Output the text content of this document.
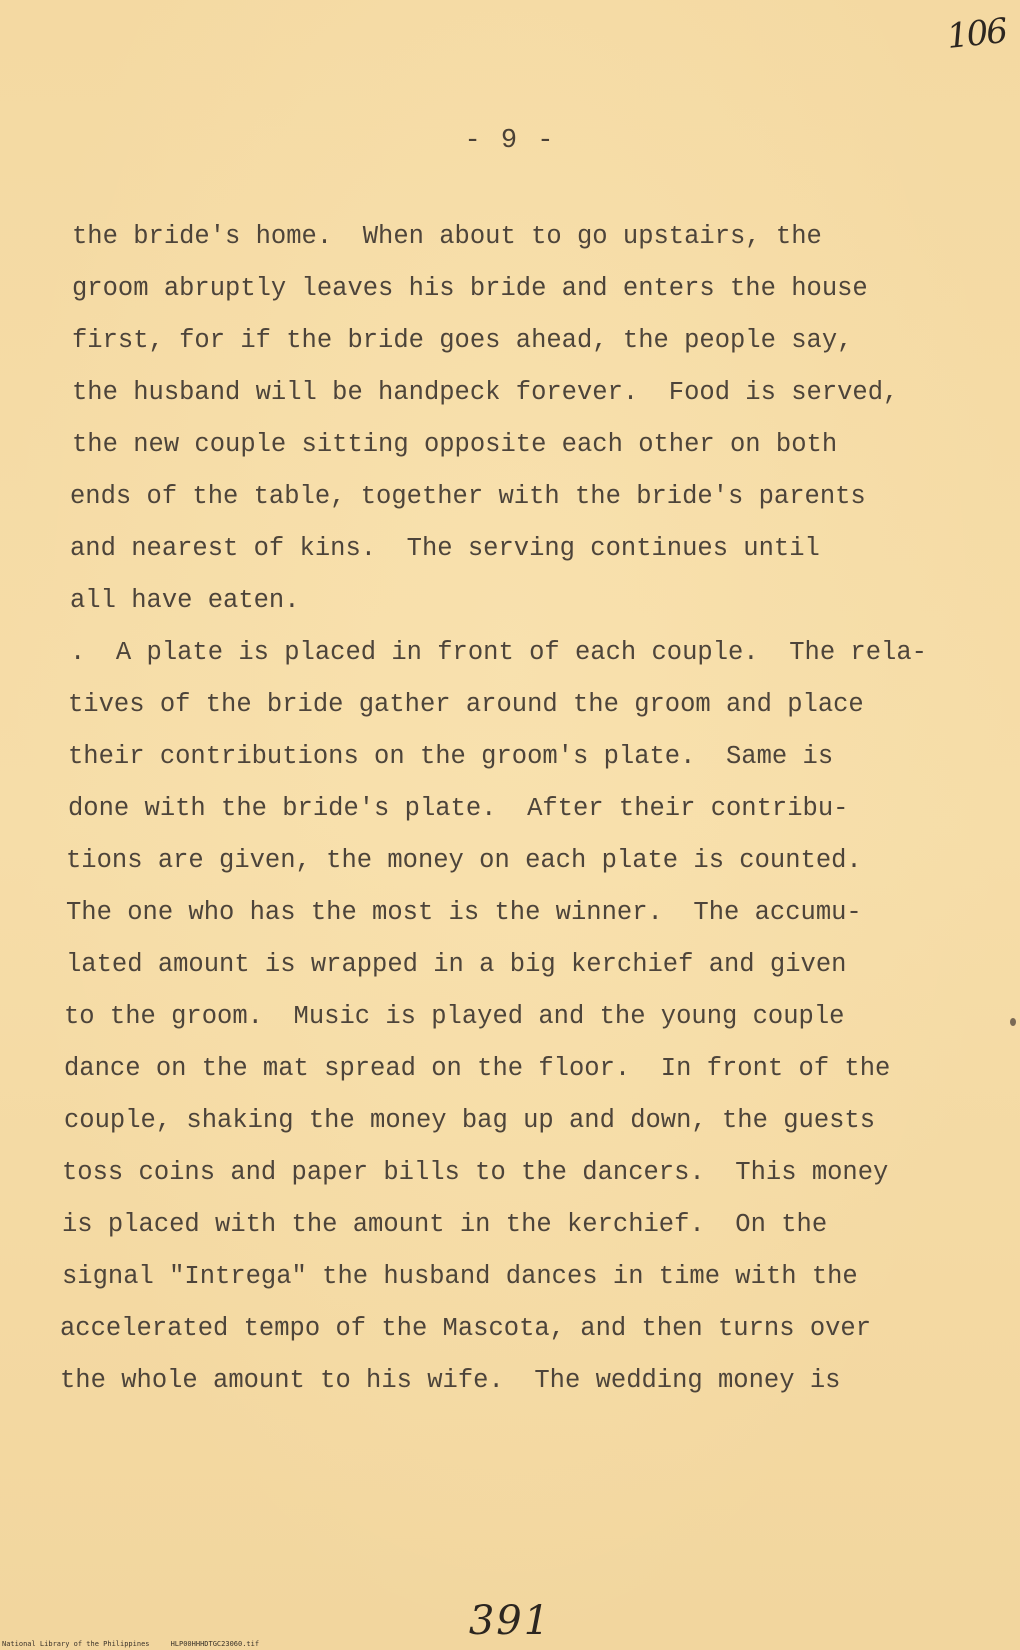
106
- 9 -
the bride's home.  When about to go upstairs, the
groom abruptly leaves his bride and enters the house
first, for if the bride goes ahead, the people say,
the husband will be handpeck forever.  Food is served,
the new couple sitting opposite each other on both
ends of the table, together with the bride's parents
and nearest of kins.  The serving continues until
all have eaten.
.  A plate is placed in front of each couple.  The rela-
tives of the bride gather around the groom and place
their contributions on the groom's plate.  Same is
done with the bride's plate.  After their contribu-
tions are given, the money on each plate is counted.
The one who has the most is the winner.  The accumu-
lated amount is wrapped in a big kerchief and given
to the groom.  Music is played and the young couple
dance on the mat spread on the floor.  In front of the
couple, shaking the money bag up and down, the guests
toss coins and paper bills to the dancers.  This money
is placed with the amount in the kerchief.  On the
signal "Intrega" the husband dances in time with the
accelerated tempo of the Mascota, and then turns over
the whole amount to his wife.  The wedding money is
391
National Library of the Philippines     HLP00HHHDTGC23060.tif
